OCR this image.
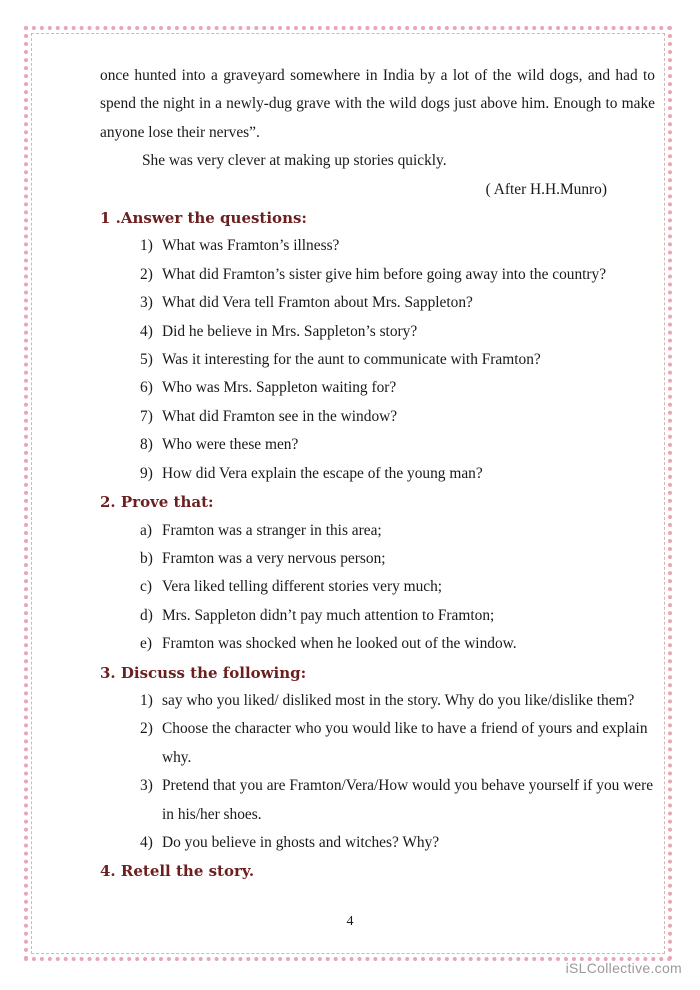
once hunted into a graveyard somewhere in India by a lot of the wild dogs, and had to spend the night in a newly-dug grave with the wild dogs just above him. Enough to make anyone lose their nerves”.

She was very clever at making up stories quickly.

( After H.H.Munro)

1 .Answer the questions:

1) What was Framton’s illness?
2) What did Framton’s sister give him before going away into the country?
3) What did Vera tell Framton about Mrs. Sappleton?
4) Did he believe in Mrs. Sappleton’s story?
5) Was it interesting for the aunt to communicate with Framton?
6) Who was Mrs. Sappleton waiting for?
7) What did Framton see in the window?
8) Who were these men?
9) How did Vera explain the escape of the young man?

2. Prove that:

a) Framton was a stranger in this area;
b) Framton was a very nervous person;
c) Vera liked telling different stories very much;
d) Mrs. Sappleton didn’t pay much attention to Framton;
e) Framton was shocked when he looked out of the window.

3. Discuss the following:

1) say who you liked/ disliked most in the story. Why do you like/dislike them?
2) Choose the character who you would like to have a friend of yours and explain why.
3) Pretend that you are Framton/Vera/How would you behave yourself if you were in his/her shoes.
4) Do you believe in ghosts and witches? Why?

4. Retell the story.

4
iSLCollective.com
